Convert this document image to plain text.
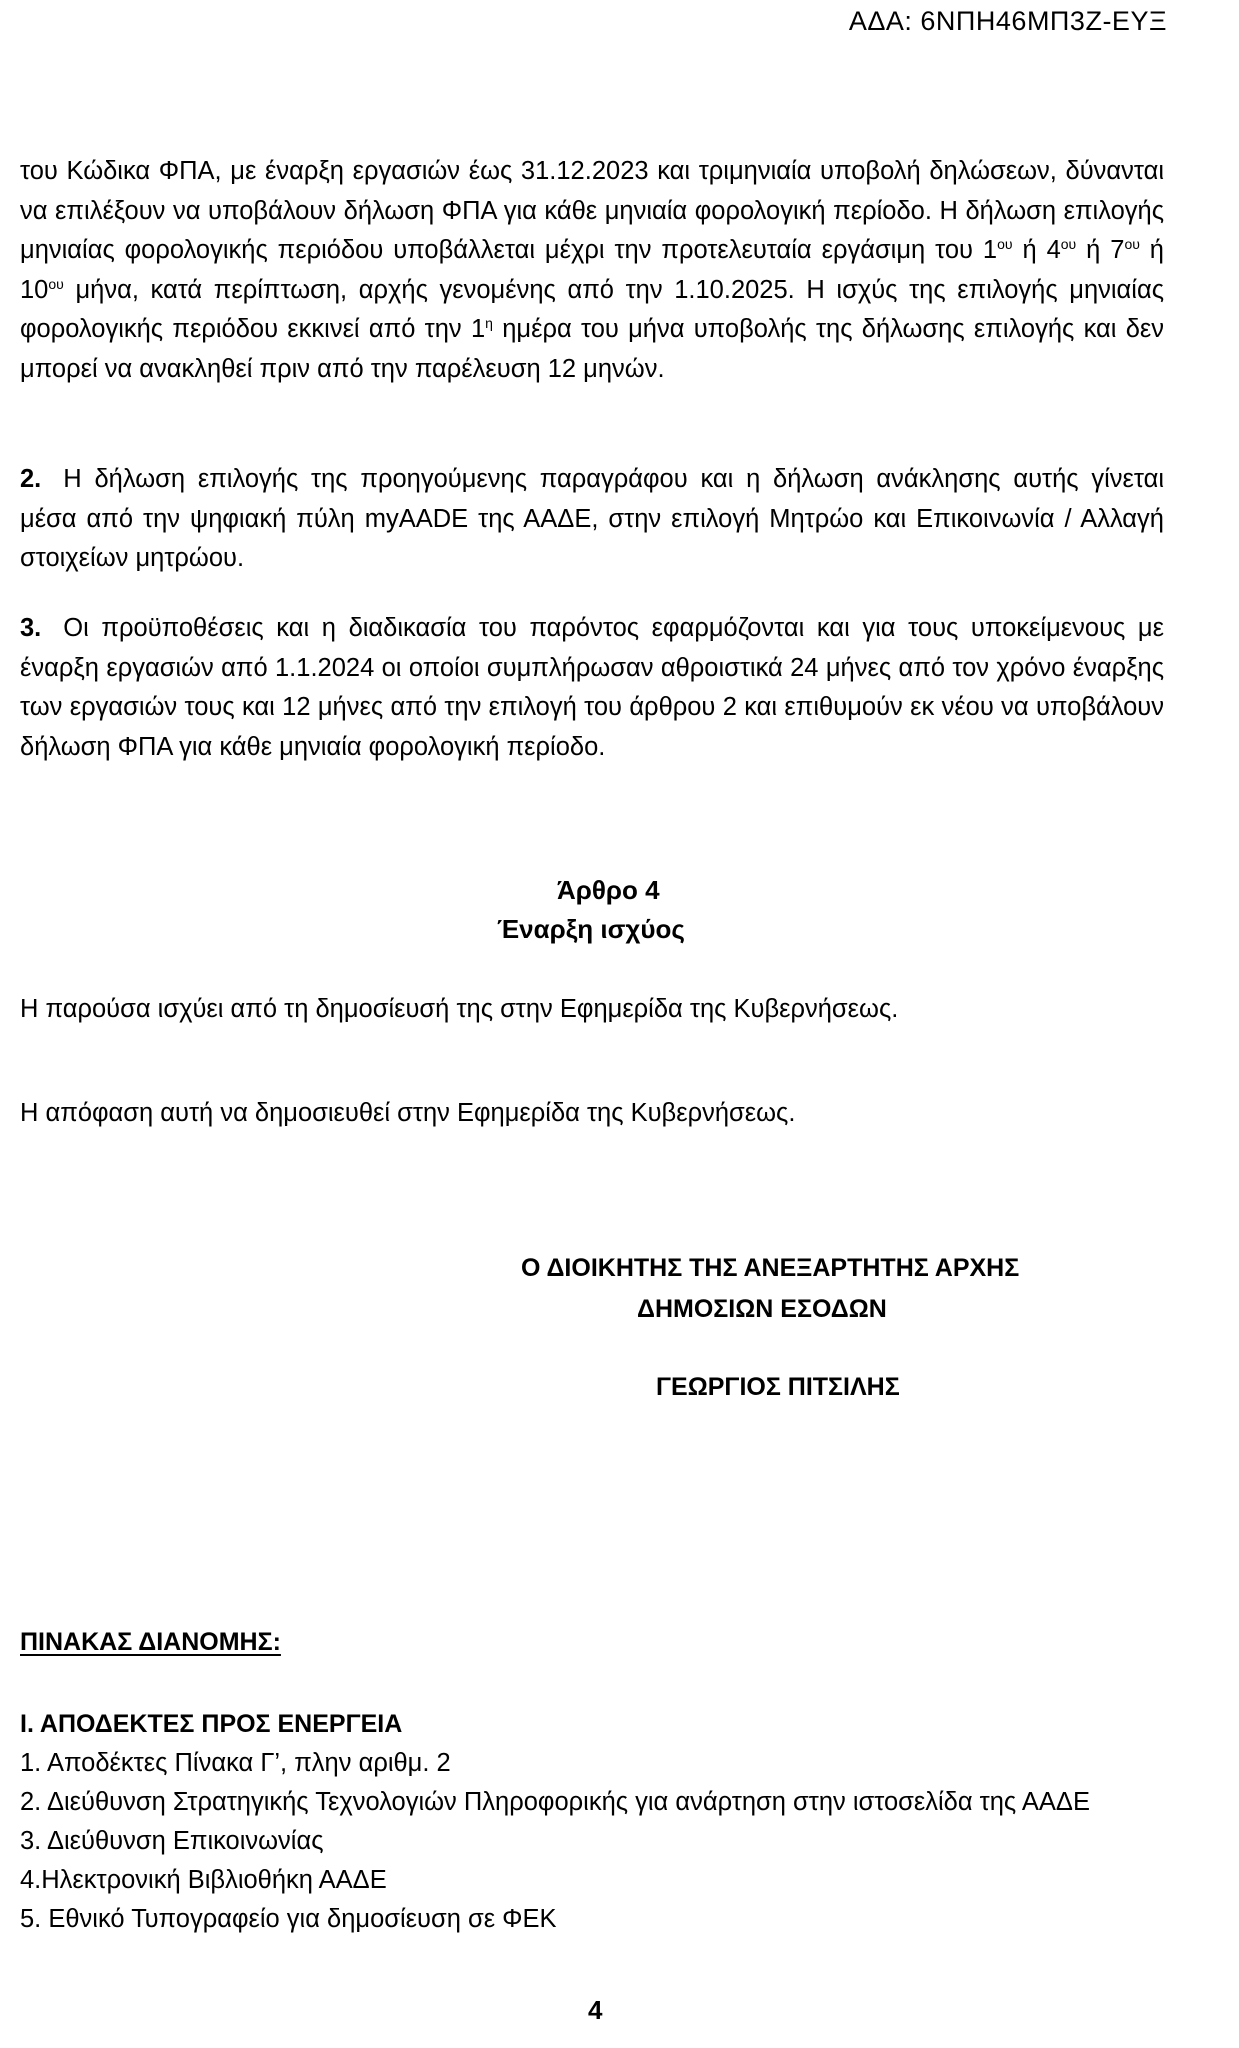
ΑΔΑ: 6ΝΠΗ46ΜΠ3Ζ-ΕΥΞ

του Κώδικα ΦΠΑ, με έναρξη εργασιών έως 31.12.2023 και τριμηνιαία υποβολή δηλώσεων, δύνανται να επιλέξουν να υποβάλουν δήλωση ΦΠΑ για κάθε μηνιαία φορολογική περίοδο. Η δήλωση επιλογής μηνιαίας φορολογικής περιόδου υποβάλλεται μέχρι την προτελευταία εργάσιμη του $1^{o\upsilon}$ ή $4^{o\upsilon}$ ή $7^{o\upsilon}$ ή $10^{o\upsilon}$ μήνα, κατά περίπτωση, αρχής γενομένης από την 1.10.2025. Η ισχύς της επιλογής μηνιαίας φορολογικής περιόδου εκκινεί από την $1^\eta$ ημέρα του μήνα υποβολής της δήλωσης επιλογής και δεν μπορεί να ανακληθεί πριν από την παρέλευση 12 μηνών.

2. Η δήλωση επιλογής της προηγούμενης παραγράφου και η δήλωση ανάκλησης αυτής γίνεται μέσα από την ψηφιακή πύλη myAADE της ΑΑΔΕ, στην επιλογή Μητρώο και Επικοινωνία / Αλλαγή στοιχείων μητρώου.

3. Οι προϋποθέσεις και η διαδικασία του παρόντος εφαρμόζονται και για τους υποκείμενους με έναρξη εργασιών από 1.1.2024 οι οποίοι συμπλήρωσαν αθροιστικά 24 μήνες από τον χρόνο έναρξης των εργασιών τους και 12 μήνες από την επιλογή του άρθρου 2 και επιθυμούν εκ νέου να υποβάλουν δήλωση ΦΠΑ για κάθε μηνιαία φορολογική περίοδο.

Άρθρο 4
Έναρξη ισχύος
Η παρούσα ισχύει από τη δημοσίευσή της στην Εφημερίδα της Κυβερνήσεως.
Η απόφαση αυτή να δημοσιευθεί στην Εφημερίδα της Κυβερνήσεως.
Ο ΔΙΟΙΚΗΤΗΣ ΤΗΣ ΑΝΕΞΑΡΤΗΤΗΣ ΑΡΧΗΣ
ΔΗΜΟΣΙΩΝ ΕΣΟΔΩΝ
ΓΕΩΡΓΙΟΣ ΠΙΤΣΙΛΗΣ
ΠΙΝΑΚΑΣ ΔΙΑΝΟΜΗΣ:
Ι. ΑΠΟΔΕΚΤΕΣ ΠΡΟΣ ΕΝΕΡΓΕΙΑ
1. Αποδέκτες Πίνακα Γ’, πλην αριθμ. 2
2. Διεύθυνση Στρατηγικής Τεχνολογιών Πληροφορικής για ανάρτηση στην ιστοσελίδα της ΑΑΔΕ
3. Διεύθυνση Επικοινωνίας
4.Ηλεκτρονική Βιβλιοθήκη ΑΑΔΕ
5. Εθνικό Τυπογραφείο για δημοσίευση σε ΦΕΚ
4
